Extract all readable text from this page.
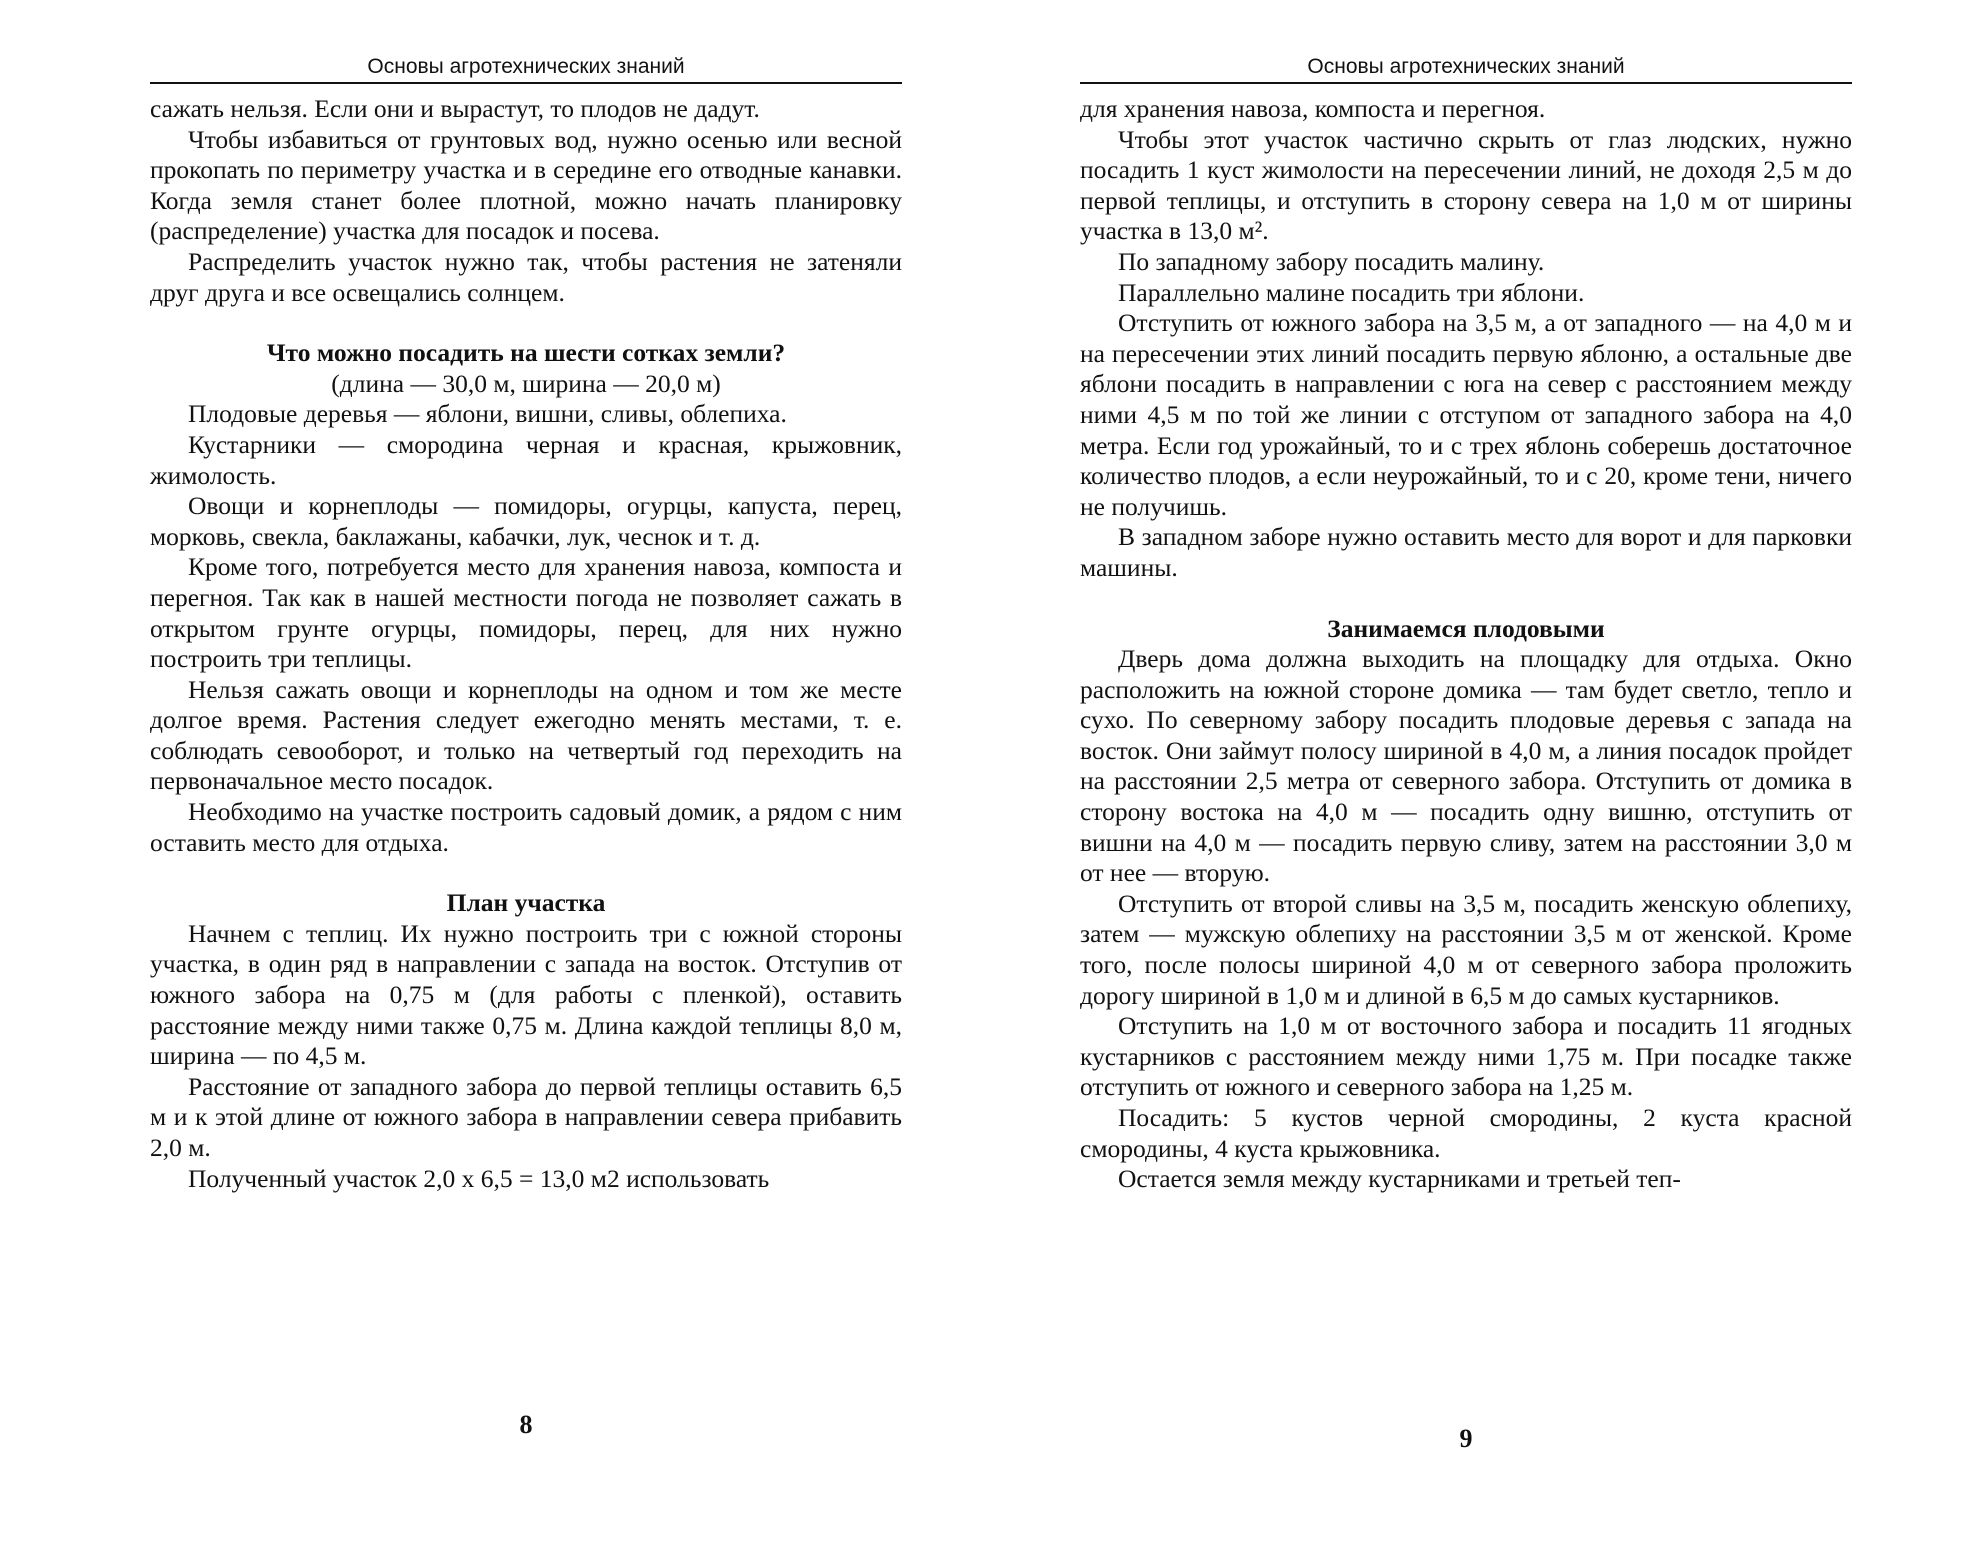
Основы агротехнических знаний

сажать нельзя. Если они и вырастут, то плодов не дадут.

Чтобы избавиться от грунтовых вод, нужно осенью или весной прокопать по периметру участка и в середине его отводные канавки. Когда земля станет более плотной, можно начать планировку (распределение) участка для посадок и посева.

Распределить участок нужно так, чтобы растения не затеняли друг друга и все освещались солнцем.

Что можно посадить на шести сотках земли?

(длина — 30,0 м, ширина — 20,0 м)

Плодовые деревья — яблони, вишни, сливы, облепиха.

Кустарники — смородина черная и красная, крыжовник, жимолость.

Овощи и корнеплоды — помидоры, огурцы, капуста, перец, морковь, свекла, баклажаны, кабачки, лук, чеснок и т. д.

Кроме того, потребуется место для хранения навоза, компоста и перегноя. Так как в нашей местности погода не позволяет сажать в открытом грунте огурцы, помидоры, перец, для них нужно построить три теплицы.

Нельзя сажать овощи и корнеплоды на одном и том же месте долгое время. Растения следует ежегодно менять местами, т. е. соблюдать севооборот, и только на четвертый год переходить на первоначальное место посадок.

Необходимо на участке построить садовый домик, а рядом с ним оставить место для отдыха.

План участка

Начнем с теплиц. Их нужно построить три с южной стороны участка, в один ряд в направлении с запада на восток. Отступив от южного забора на 0,75 м (для работы с пленкой), оставить расстояние между ними также 0,75 м. Длина каждой теплицы 8,0 м, ширина — по 4,5 м.

Расстояние от западного забора до первой теплицы оставить 6,5 м и к этой длине от южного забора в направлении севера прибавить 2,0 м.

Полученный участок 2,0 х 6,5 = 13,0 м2 использовать

8
Основы агротехнических знаний

для хранения навоза, компоста и перегноя.

Чтобы этот участок частично скрыть от глаз людских, нужно посадить 1 куст жимолости на пересечении линий, не доходя 2,5 м до первой теплицы, и отступить в сторону севера на 1,0 м от ширины участка в 13,0 м².

По западному забору посадить малину.

Параллельно малине посадить три яблони.

Отступить от южного забора на 3,5 м, а от западного — на 4,0 м и на пересечении этих линий посадить первую яблоню, а остальные две яблони посадить в направлении с юга на север с расстоянием между ними 4,5 м по той же линии с отступом от западного забора на 4,0 метра. Если год урожайный, то и с трех яблонь соберешь достаточное количество плодов, а если неурожайный, то и с 20, кроме тени, ничего не получишь.

В западном заборе нужно оставить место для ворот и для парковки машины.

Занимаемся плодовыми

Дверь дома должна выходить на площадку для отдыха. Окно расположить на южной стороне домика — там будет светло, тепло и сухо. По северному забору посадить плодовые деревья с запада на восток. Они займут полосу шириной в 4,0 м, а линия посадок пройдет на расстоянии 2,5 метра от северного забора. Отступить от домика в сторону востока на 4,0 м — посадить одну вишню, отступить от вишни на 4,0 м — посадить первую сливу, затем на расстоянии 3,0 м от нее — вторую.

Отступить от второй сливы на 3,5 м, посадить женскую облепиху, затем — мужскую облепиху на расстоянии 3,5 м от женской. Кроме того, после полосы шириной 4,0 м от северного забора проложить дорогу шириной в 1,0 м и длиной в 6,5 м до самых кустарников.

Отступить на 1,0 м от восточного забора и посадить 11 ягодных кустарников с расстоянием между ними 1,75 м. При посадке также отступить от южного и северного забора на 1,25 м.

Посадить: 5 кустов черной смородины, 2 куста красной смородины, 4 куста крыжовника.

Остается земля между кустарниками и третьей теп-

9
